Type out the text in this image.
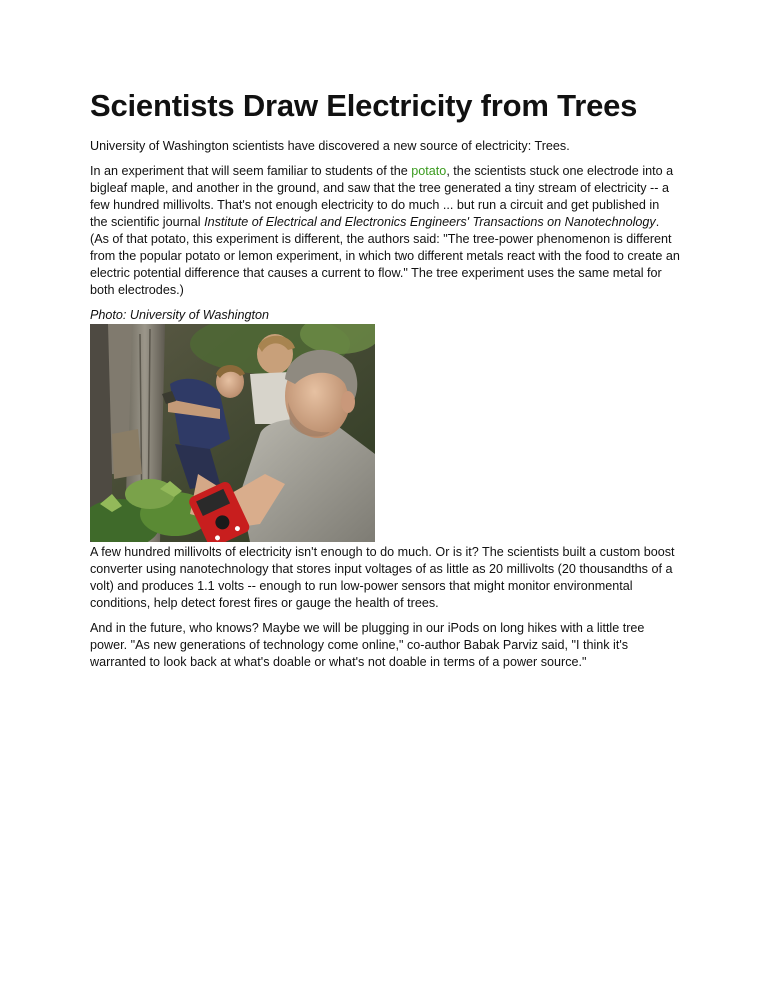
Scientists Draw Electricity from Trees

University of Washington scientists have discovered a new source of electricity: Trees.

In an experiment that will seem familiar to students of the potato, the scientists stuck one electrode into a bigleaf maple, and another in the ground, and saw that the tree generated a tiny stream of electricity -- a few hundred millivolts. That's not enough electricity to do much ... but run a circuit and get published in the scientific journal Institute of Electrical and Electronics Engineers' Transactions on Nanotechnology. (As of that potato, this experiment is different, the authors said: "The tree-power phenomenon is different from the popular potato or lemon experiment, in which two different metals react with the food to create an electric potential difference that causes a current to flow." The tree experiment uses the same metal for both electrodes.)

Photo: University of Washington

A few hundred millivolts of electricity isn't enough to do much. Or is it? The scientists built a custom boost converter using nanotechnology that stores input voltages of as little as 20 millivolts (20 thousandths of a volt) and produces 1.1 volts -- enough to run low-power sensors that might monitor environmental conditions, help detect forest fires or gauge the health of trees.

And in the future, who knows? Maybe we will be plugging in our iPods on long hikes with a little tree power. "As new generations of technology come online," co-author Babak Parviz said, "I think it's warranted to look back at what's doable or what's not doable in terms of a power source."
